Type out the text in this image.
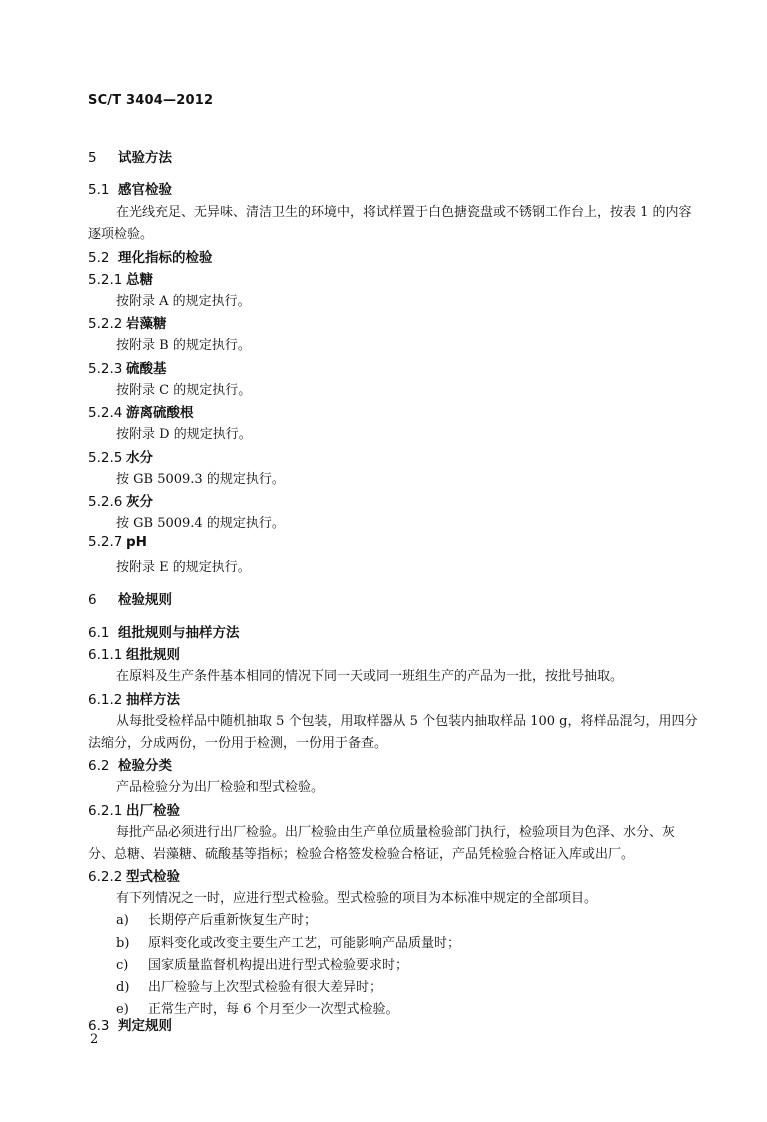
SC/T 3404—2012
5 试验方法
5.1 感官检验
在光线充足、无异味、清洁卫生的环境中，将试样置于白色搪瓷盘或不锈钢工作台上，按表 1 的内容
逐项检验。
5.2 理化指标的检验
5.2.1 总糖
按附录 A 的规定执行。
5.2.2 岩藻糖
按附录 B 的规定执行。
5.2.3 硫酸基
按附录 C 的规定执行。
5.2.4 游离硫酸根
按附录 D 的规定执行。
5.2.5 水分
按 GB 5009.3 的规定执行。
5.2.6 灰分
按 GB 5009.4 的规定执行。
5.2.7 pH
按附录 E 的规定执行。
6 检验规则
6.1 组批规则与抽样方法
6.1.1 组批规则
在原料及生产条件基本相同的情况下同一天或同一班组生产的产品为一批，按批号抽取。
6.1.2 抽样方法
从每批受检样品中随机抽取 5 个包装，用取样器从 5 个包装内抽取样品 100 g，将样品混匀，用四分
法缩分，分成两份，一份用于检测，一份用于备查。
6.2 检验分类
产品检验分为出厂检验和型式检验。
6.2.1 出厂检验
每批产品必须进行出厂检验。出厂检验由生产单位质量检验部门执行，检验项目为色泽、水分、灰
分、总糖、岩藻糖、硫酸基等指标；检验合格签发检验合格证，产品凭检验合格证入库或出厂。
6.2.2 型式检验
有下列情况之一时，应进行型式检验。型式检验的项目为本标准中规定的全部项目。
a) 长期停产后重新恢复生产时；
b) 原料变化或改变主要生产工艺，可能影响产品质量时；
c) 国家质量监督机构提出进行型式检验要求时；
d) 出厂检验与上次型式检验有很大差异时；
e) 正常生产时，每 6 个月至少一次型式检验。
6.3 判定规则
2
